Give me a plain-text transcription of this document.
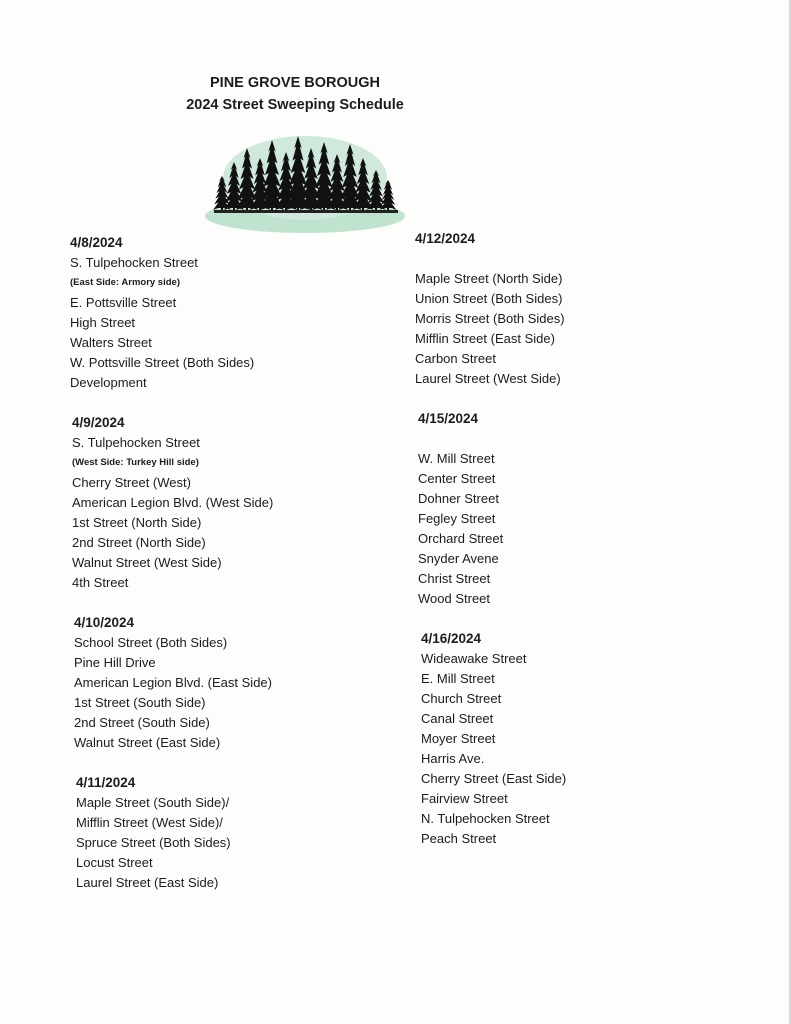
PINE GROVE BOROUGH
2024 Street Sweeping Schedule
4/8/2024
S. Tulpehocken Street
(East Side: Armory side)
E. Pottsville Street
High Street
Walters Street
W. Pottsville Street (Both Sides)
Development
4/9/2024
S. Tulpehocken Street
(West Side: Turkey Hill side)
Cherry Street (West)
American Legion Blvd. (West Side)
1st Street (North Side)
2nd Street (North Side)
Walnut Street (West Side)
4th Street
4/10/2024
School Street (Both Sides)
Pine Hill Drive
American Legion Blvd. (East Side)
1st Street (South Side)
2nd Street (South Side)
Walnut Street (East Side)
4/11/2024
Maple Street (South Side)/
Mifflin Street (West Side)/
Spruce Street (Both Sides)
Locust Street
Laurel Street (East Side)
4/12/2024
Maple Street (North Side)
Union Street (Both Sides)
Morris Street (Both Sides)
Mifflin Street (East Side)
Carbon Street
Laurel Street (West Side)
4/15/2024
W. Mill Street
Center Street
Dohner Street
Fegley Street
Orchard Street
Snyder Avene
Christ Street
Wood Street
4/16/2024
Wideawake Street
E. Mill Street
Church Street
Canal Street
Moyer Street
Harris Ave.
Cherry Street (East Side)
Fairview Street
N. Tulpehocken Street
Peach Street
